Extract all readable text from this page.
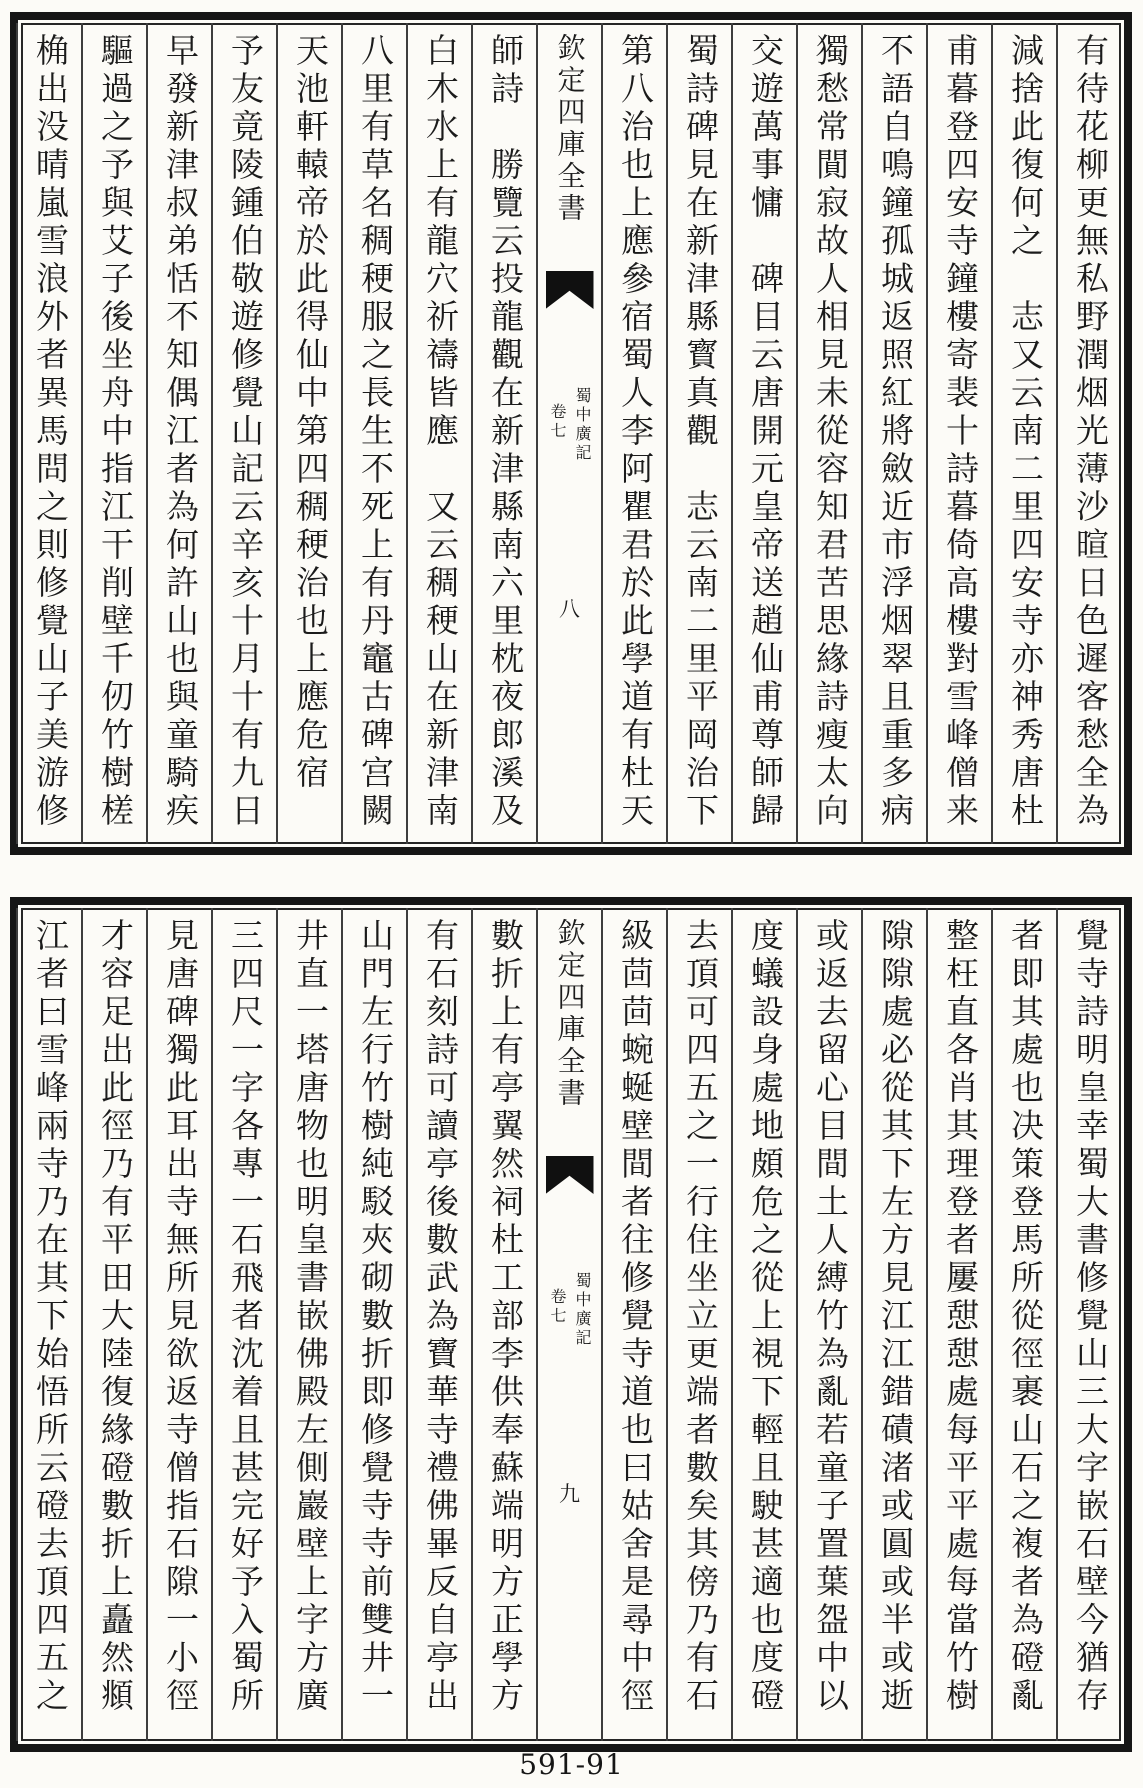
有待花柳更無私野潤烟光薄沙暄日色遲客愁全為
減捨此復何之　志又云南二里四安寺亦神秀唐杜
甫暮登四安寺鐘樓寄裴十詩暮倚高樓對雪峰僧来
不語自鳴鐘孤城返照紅將斂近市浮烟翠且重多病
獨愁常閴寂故人相見未從容知君苦思緣詩瘦太向
交遊萬事慵　碑目云唐開元皇帝送趙仙甫尊師歸
蜀詩碑見在新津縣寳真觀　志云南二里平岡治下
第八治也上應參宿蜀人李阿瞿君於此學道有杜天
欽定四庫全書
卷七 蜀中廣記
八
師詩　勝覽云投龍觀在新津縣南六里枕夜郎溪及
白木水上有龍穴祈禱皆應　又云稠稉山在新津南
八里有草名稠稉服之長生不死上有丹竈古碑宫闕
天池軒轅帝於此得仙中第四稠稉治也上應危宿
予友竟陵鍾伯敬遊修覺山記云辛亥十月十有九日
早發新津叔弟恬不知偶江者為何許山也與童騎疾
驅過之予與艾子後坐舟中指江干削壁千仞竹樹槎
桷出没晴嵐雪浪外者異馬問之則修覺山子美游修
覺寺詩明皇幸蜀大書修覺山三大字嵌石壁今猶存
者即其處也决策登馬所從徑裹山石之複者為磴亂
整枉直各肖其理登者屢憇憇處每平平處每當竹樹
隙隙處必從其下左方見江江錯磧渚或圓或半或逝
或返去留心目間土人縛竹為亂若童子置葉盌中以
度蟻設身處地頗危之從上視下輕且駛甚適也度磴
去頂可四五之一行住坐立更端者數矣其傍乃有石
級茴茴蜿蜒壁間者往修覺寺道也曰姑舍是尋中徑
欽定四庫全書
卷七 蜀中廣記
九
數折上有亭翼然祠杜工部李供奉蘇端明方正學方
有石刻詩可讀亭後數武為寶華寺禮佛畢反自亭出
山門左行竹樹純駁夾砌數折即修覺寺寺前雙井一
井直一塔唐物也明皇書嵌佛殿左側巖壁上字方廣
三四尺一字各專一石飛者沈着且甚完好予入蜀所
見唐碑獨此耳出寺無所見欲返寺僧指石隙一小徑
才容足出此徑乃有平田大陸復緣磴數折上矗然頫
江者曰雪峰兩寺乃在其下始悟所云磴去頂四五之
591-91
